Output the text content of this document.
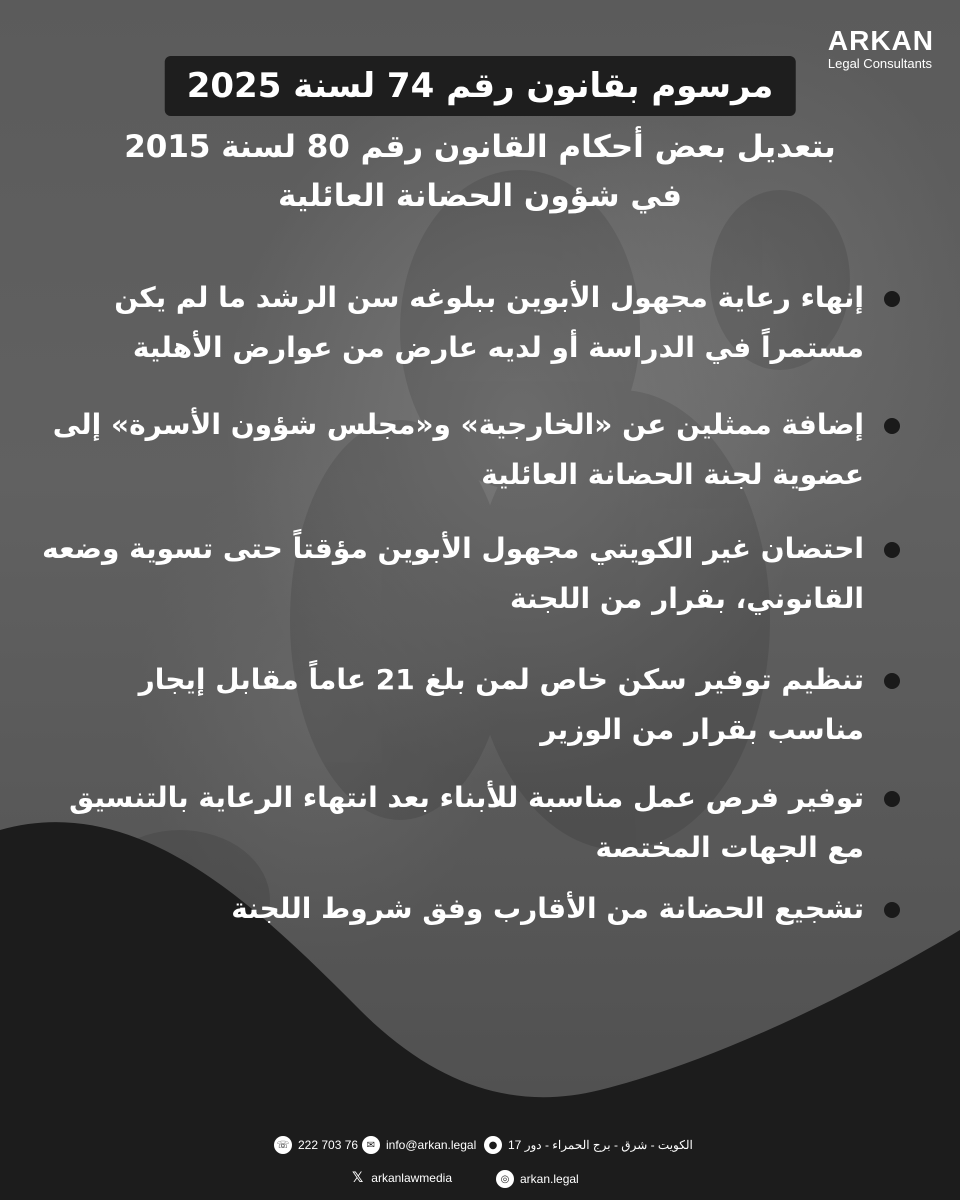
ARKAN
Legal Consultants
مرسوم بقانون رقم 74 لسنة 2025
بتعديل بعض أحكام القانون رقم 80 لسنة 2015
في شؤون الحضانة العائلية
إنهاء رعاية مجهول الأبوين ببلوغه سن الرشد ما لم يكن مستمراً في الدراسة أو لديه عارض من عوارض الأهلية
إضافة ممثلين عن «الخارجية» و«مجلس شؤون الأسرة» إلى عضوية لجنة الحضانة العائلية
احتضان غير الكويتي مجهول الأبوين مؤقتاً حتى تسوية وضعه القانوني، بقرار من اللجنة
تنظيم توفير سكن خاص لمن بلغ 21 عاماً مقابل إيجار مناسب بقرار من الوزير
توفير فرص عمل مناسبة للأبناء بعد انتهاء الرعاية بالتنسيق مع الجهات المختصة
تشجيع الحضانة من الأقارب وفق شروط اللجنة
☏ 222 703 76 ✉ info@arkan.legal	● الكويت - شرق - برج الحمراء - دور 17
𝕏 arkanlawmedia	◎ arkan.legal
